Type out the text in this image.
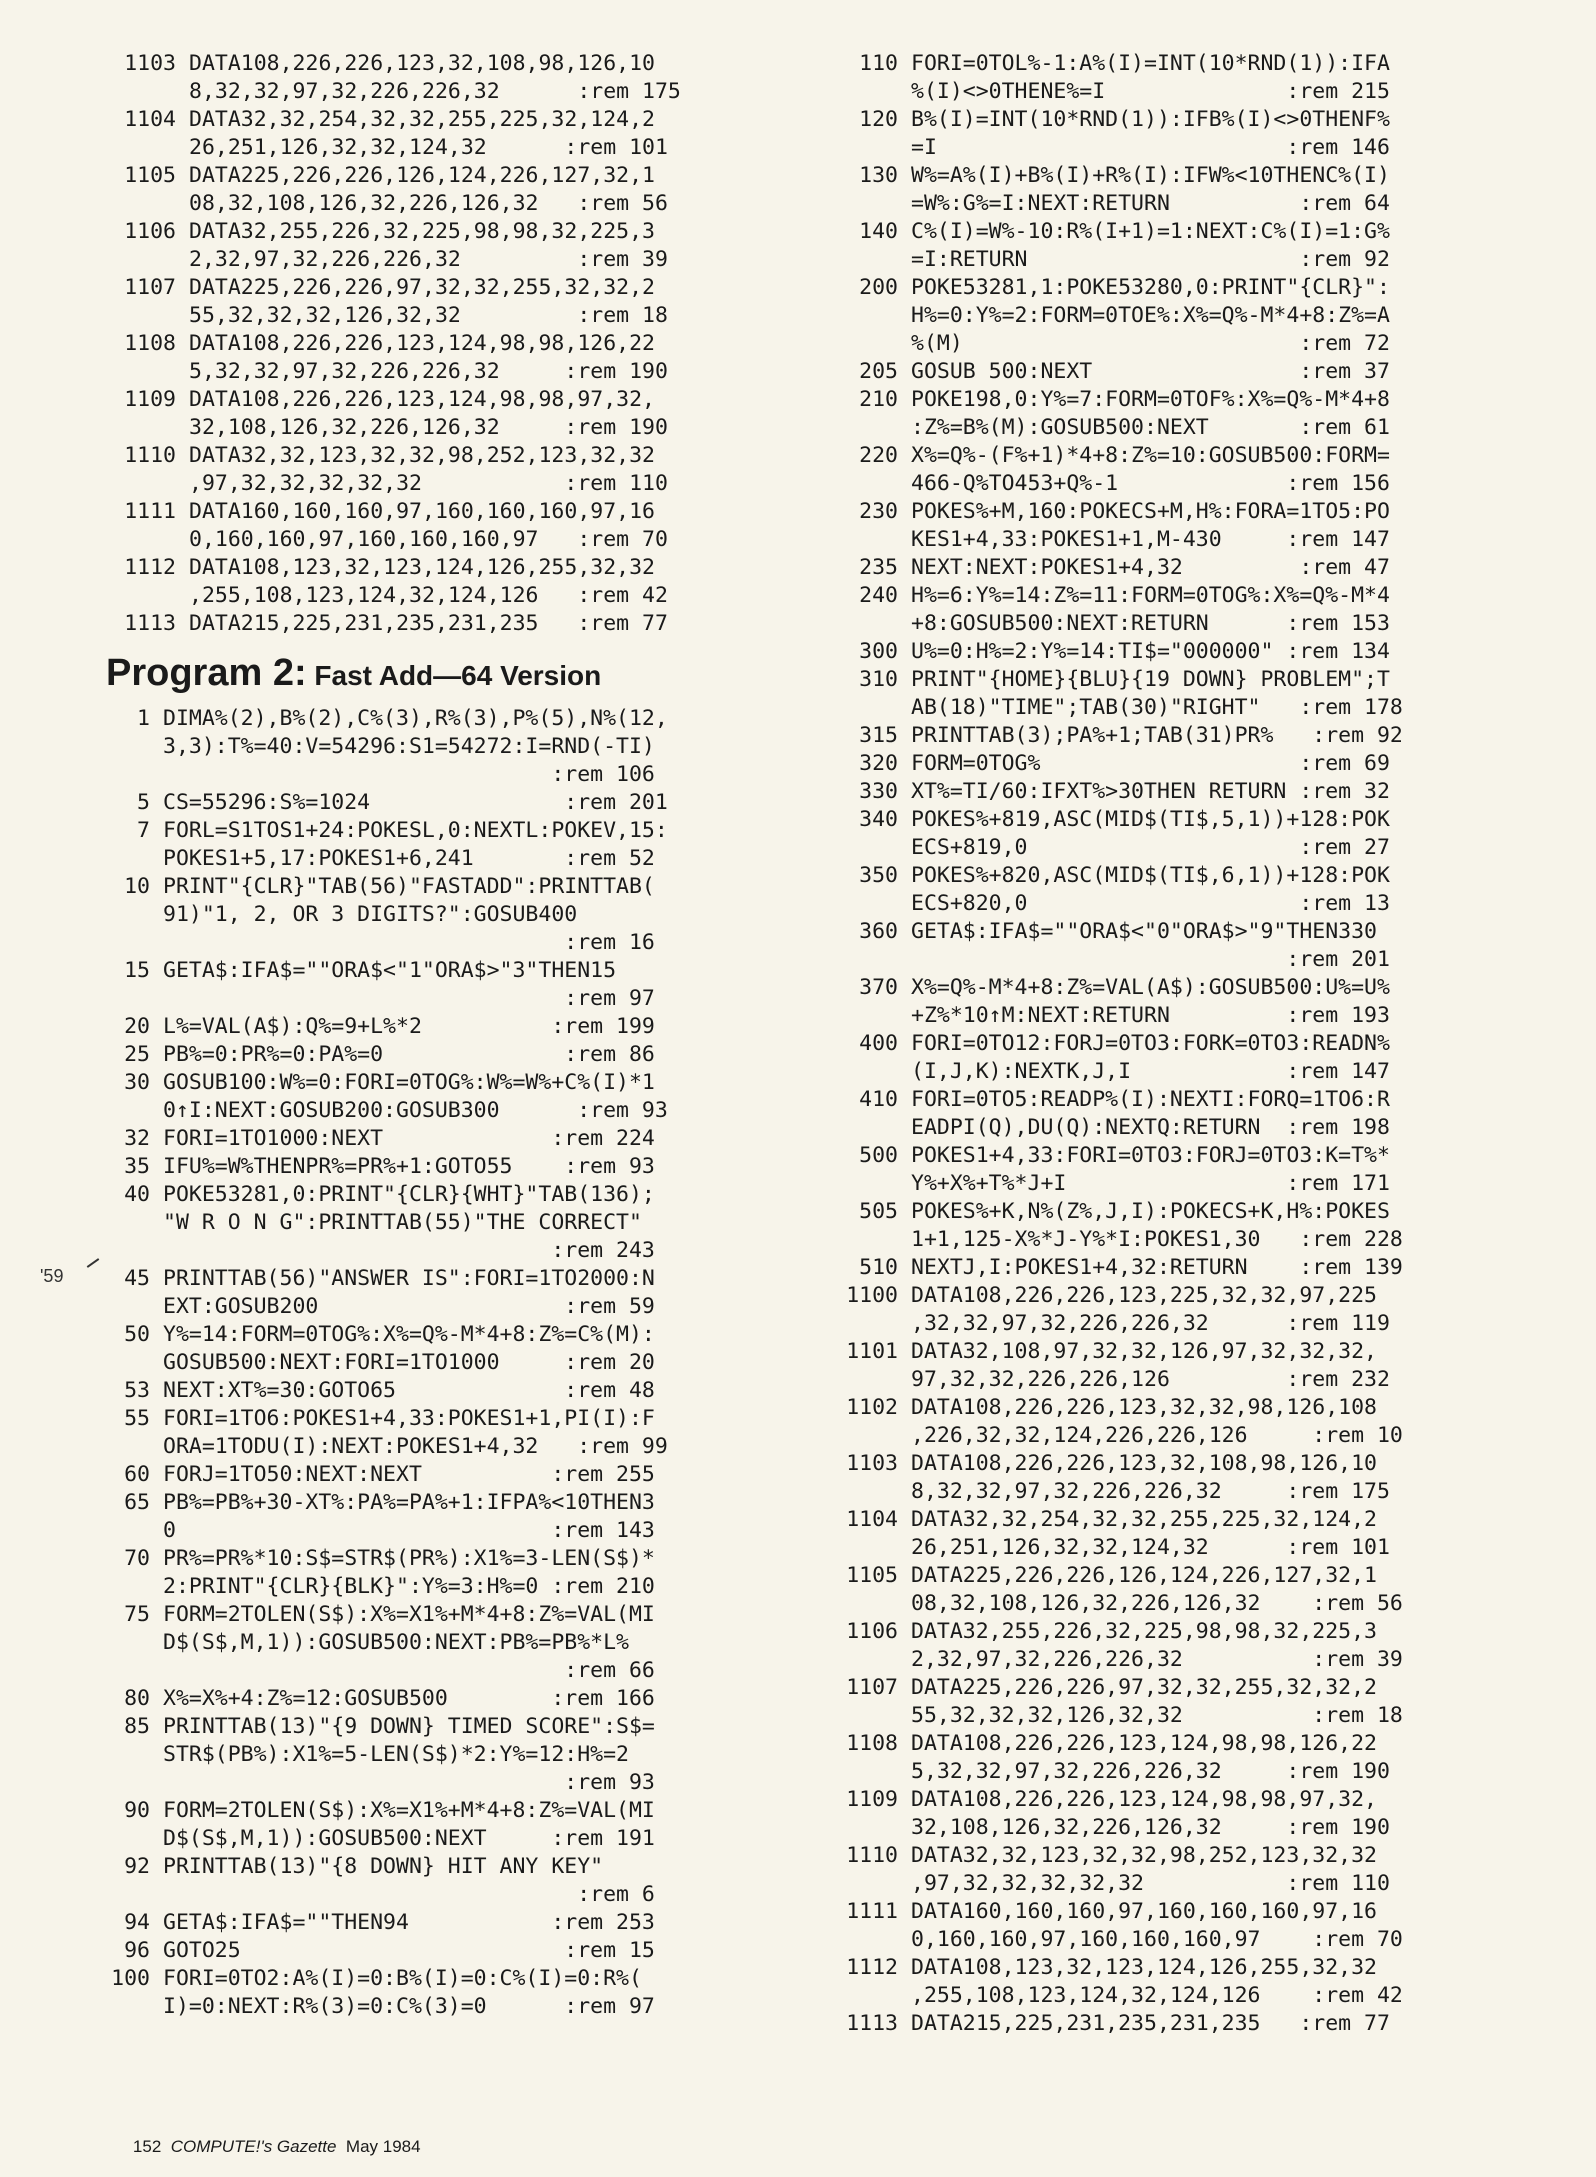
1103 DATA108,226,226,123,32,108,98,126,10
8,32,32,97,32,226,226,32      :rem 175
1104 DATA32,32,254,32,32,255,225,32,124,2
26,251,126,32,32,124,32      :rem 101
1105 DATA225,226,226,126,124,226,127,32,1
08,32,108,126,32,226,126,32   :rem 56
1106 DATA32,255,226,32,225,98,98,32,225,3
2,32,97,32,226,226,32         :rem 39
1107 DATA225,226,226,97,32,32,255,32,32,2
55,32,32,32,126,32,32         :rem 18
1108 DATA108,226,226,123,124,98,98,126,22
5,32,32,97,32,226,226,32     :rem 190
1109 DATA108,226,226,123,124,98,98,97,32,
32,108,126,32,226,126,32     :rem 190
1110 DATA32,32,123,32,32,98,252,123,32,32
,97,32,32,32,32,32           :rem 110
1111 DATA160,160,160,97,160,160,160,97,16
0,160,160,97,160,160,160,97   :rem 70
1112 DATA108,123,32,123,124,126,255,32,32
,255,108,123,124,32,124,126   :rem 42
1113 DATA215,225,231,235,231,235   :rem 77
Program 2: Fast Add—64 Version
1 DIMA%(2),B%(2),C%(3),R%(3),P%(5),N%(12,
3,3):T%=40:V=54296:S1=54272:I=RND(-TI)
:rem 106
5 CS=55296:S%=1024               :rem 201
7 FORL=S1TOS1+24:POKESL,0:NEXTL:POKEV,15:
POKES1+5,17:POKES1+6,241       :rem 52
10 PRINT"{CLR}"TAB(56)"FASTADD":PRINTTAB(
91)"1, 2, OR 3 DIGITS?":GOSUB400
:rem 16
15 GETA$:IFA$=""ORA$<"1"ORA$>"3"THEN15
:rem 97
20 L%=VAL(A$):Q%=9+L%*2          :rem 199
25 PB%=0:PR%=0:PA%=0              :rem 86
30 GOSUB100:W%=0:FORI=0TOG%:W%=W%+C%(I)*1
0↑I:NEXT:GOSUB200:GOSUB300      :rem 93
32 FORI=1TO1000:NEXT             :rem 224
35 IFU%=W%THENPR%=PR%+1:GOTO55    :rem 93
40 POKE53281,0:PRINT"{CLR}{WHT}"TAB(136);
"W R O N G":PRINTTAB(55)"THE CORRECT"
:rem 243
45 PRINTTAB(56)"ANSWER IS":FORI=1TO2000:N
EXT:GOSUB200                   :rem 59
50 Y%=14:FORM=0TOG%:X%=Q%-M*4+8:Z%=C%(M):
GOSUB500:NEXT:FORI=1TO1000     :rem 20
53 NEXT:XT%=30:GOTO65             :rem 48
55 FORI=1TO6:POKES1+4,33:POKES1+1,PI(I):F
ORA=1TODU(I):NEXT:POKES1+4,32   :rem 99
60 FORJ=1TO50:NEXT:NEXT          :rem 255
65 PB%=PB%+30-XT%:PA%=PA%+1:IFPA%<10THEN3
0                             :rem 143
70 PR%=PR%*10:S$=STR$(PR%):X1%=3-LEN(S$)*
2:PRINT"{CLR}{BLK}":Y%=3:H%=0 :rem 210
75 FORM=2TOLEN(S$):X%=X1%+M*4+8:Z%=VAL(MI
D$(S$,M,1)):GOSUB500:NEXT:PB%=PB%*L%
:rem 66
80 X%=X%+4:Z%=12:GOSUB500        :rem 166
85 PRINTTAB(13)"{9 DOWN} TIMED SCORE":S$=
STR$(PB%):X1%=5-LEN(S$)*2:Y%=12:H%=2
:rem 93
90 FORM=2TOLEN(S$):X%=X1%+M*4+8:Z%=VAL(MI
D$(S$,M,1)):GOSUB500:NEXT     :rem 191
92 PRINTTAB(13)"{8 DOWN} HIT ANY KEY"
:rem 6
94 GETA$:IFA$=""THEN94           :rem 253
96 GOTO25                         :rem 15
100 FORI=0TO2:A%(I)=0:B%(I)=0:C%(I)=0:R%(
I)=0:NEXT:R%(3)=0:C%(3)=0      :rem 97
110 FORI=0TOL%-1:A%(I)=INT(10*RND(1)):IFA
%(I)<>0THENE%=I              :rem 215
120 B%(I)=INT(10*RND(1)):IFB%(I)<>0THENF%
=I                           :rem 146
130 W%=A%(I)+B%(I)+R%(I):IFW%<10THENC%(I)
=W%:G%=I:NEXT:RETURN          :rem 64
140 C%(I)=W%-10:R%(I+1)=1:NEXT:C%(I)=1:G%
=I:RETURN                     :rem 92
200 POKE53281,1:POKE53280,0:PRINT"{CLR}":
H%=0:Y%=2:FORM=0TOE%:X%=Q%-M*4+8:Z%=A
%(M)                          :rem 72
205 GOSUB 500:NEXT                :rem 37
210 POKE198,0:Y%=7:FORM=0TOF%:X%=Q%-M*4+8
:Z%=B%(M):GOSUB500:NEXT       :rem 61
220 X%=Q%-(F%+1)*4+8:Z%=10:GOSUB500:FORM=
466-Q%TO453+Q%-1             :rem 156
230 POKES%+M,160:POKECS+M,H%:FORA=1TO5:PO
KES1+4,33:POKES1+1,M-430     :rem 147
235 NEXT:NEXT:POKES1+4,32         :rem 47
240 H%=6:Y%=14:Z%=11:FORM=0TOG%:X%=Q%-M*4
+8:GOSUB500:NEXT:RETURN      :rem 153
300 U%=0:H%=2:Y%=14:TI$="000000" :rem 134
310 PRINT"{HOME}{BLU}{19 DOWN} PROBLEM";T
AB(18)"TIME";TAB(30)"RIGHT"   :rem 178
315 PRINTTAB(3);PA%+1;TAB(31)PR%   :rem 92
320 FORM=0TOG%                    :rem 69
330 XT%=TI/60:IFXT%>30THEN RETURN :rem 32
340 POKES%+819,ASC(MID$(TI$,5,1))+128:POK
ECS+819,0                     :rem 27
350 POKES%+820,ASC(MID$(TI$,6,1))+128:POK
ECS+820,0                     :rem 13
360 GETA$:IFA$=""ORA$<"0"ORA$>"9"THEN330
:rem 201
370 X%=Q%-M*4+8:Z%=VAL(A$):GOSUB500:U%=U%
+Z%*10↑M:NEXT:RETURN         :rem 193
400 FORI=0TO12:FORJ=0TO3:FORK=0TO3:READN%
(I,J,K):NEXTK,J,I            :rem 147
410 FORI=0TO5:READP%(I):NEXTI:FORQ=1TO6:R
EADPI(Q),DU(Q):NEXTQ:RETURN  :rem 198
500 POKES1+4,33:FORI=0TO3:FORJ=0TO3:K=T%*
Y%+X%+T%*J+I                 :rem 171
505 POKES%+K,N%(Z%,J,I):POKECS+K,H%:POKES
1+1,125-X%*J-Y%*I:POKES1,30   :rem 228
510 NEXTJ,I:POKES1+4,32:RETURN    :rem 139
1100 DATA108,226,226,123,225,32,32,97,225
,32,32,97,32,226,226,32      :rem 119
1101 DATA32,108,97,32,32,126,97,32,32,32,
97,32,32,226,226,126         :rem 232
1102 DATA108,226,226,123,32,32,98,126,108
,226,32,32,124,226,226,126     :rem 10
1103 DATA108,226,226,123,32,108,98,126,10
8,32,32,97,32,226,226,32     :rem 175
1104 DATA32,32,254,32,32,255,225,32,124,2
26,251,126,32,32,124,32      :rem 101
1105 DATA225,226,226,126,124,226,127,32,1
08,32,108,126,32,226,126,32    :rem 56
1106 DATA32,255,226,32,225,98,98,32,225,3
2,32,97,32,226,226,32          :rem 39
1107 DATA225,226,226,97,32,32,255,32,32,2
55,32,32,32,126,32,32          :rem 18
1108 DATA108,226,226,123,124,98,98,126,22
5,32,32,97,32,226,226,32     :rem 190
1109 DATA108,226,226,123,124,98,98,97,32,
32,108,126,32,226,126,32     :rem 190
1110 DATA32,32,123,32,32,98,252,123,32,32
,97,32,32,32,32,32           :rem 110
1111 DATA160,160,160,97,160,160,160,97,16
0,160,160,97,160,160,160,97    :rem 70
1112 DATA108,123,32,123,124,126,255,32,32
,255,108,123,124,32,124,126    :rem 42
1113 DATA215,225,231,235,231,235   :rem 77
'59

152 COMPUTE!'s Gazette May 1984
